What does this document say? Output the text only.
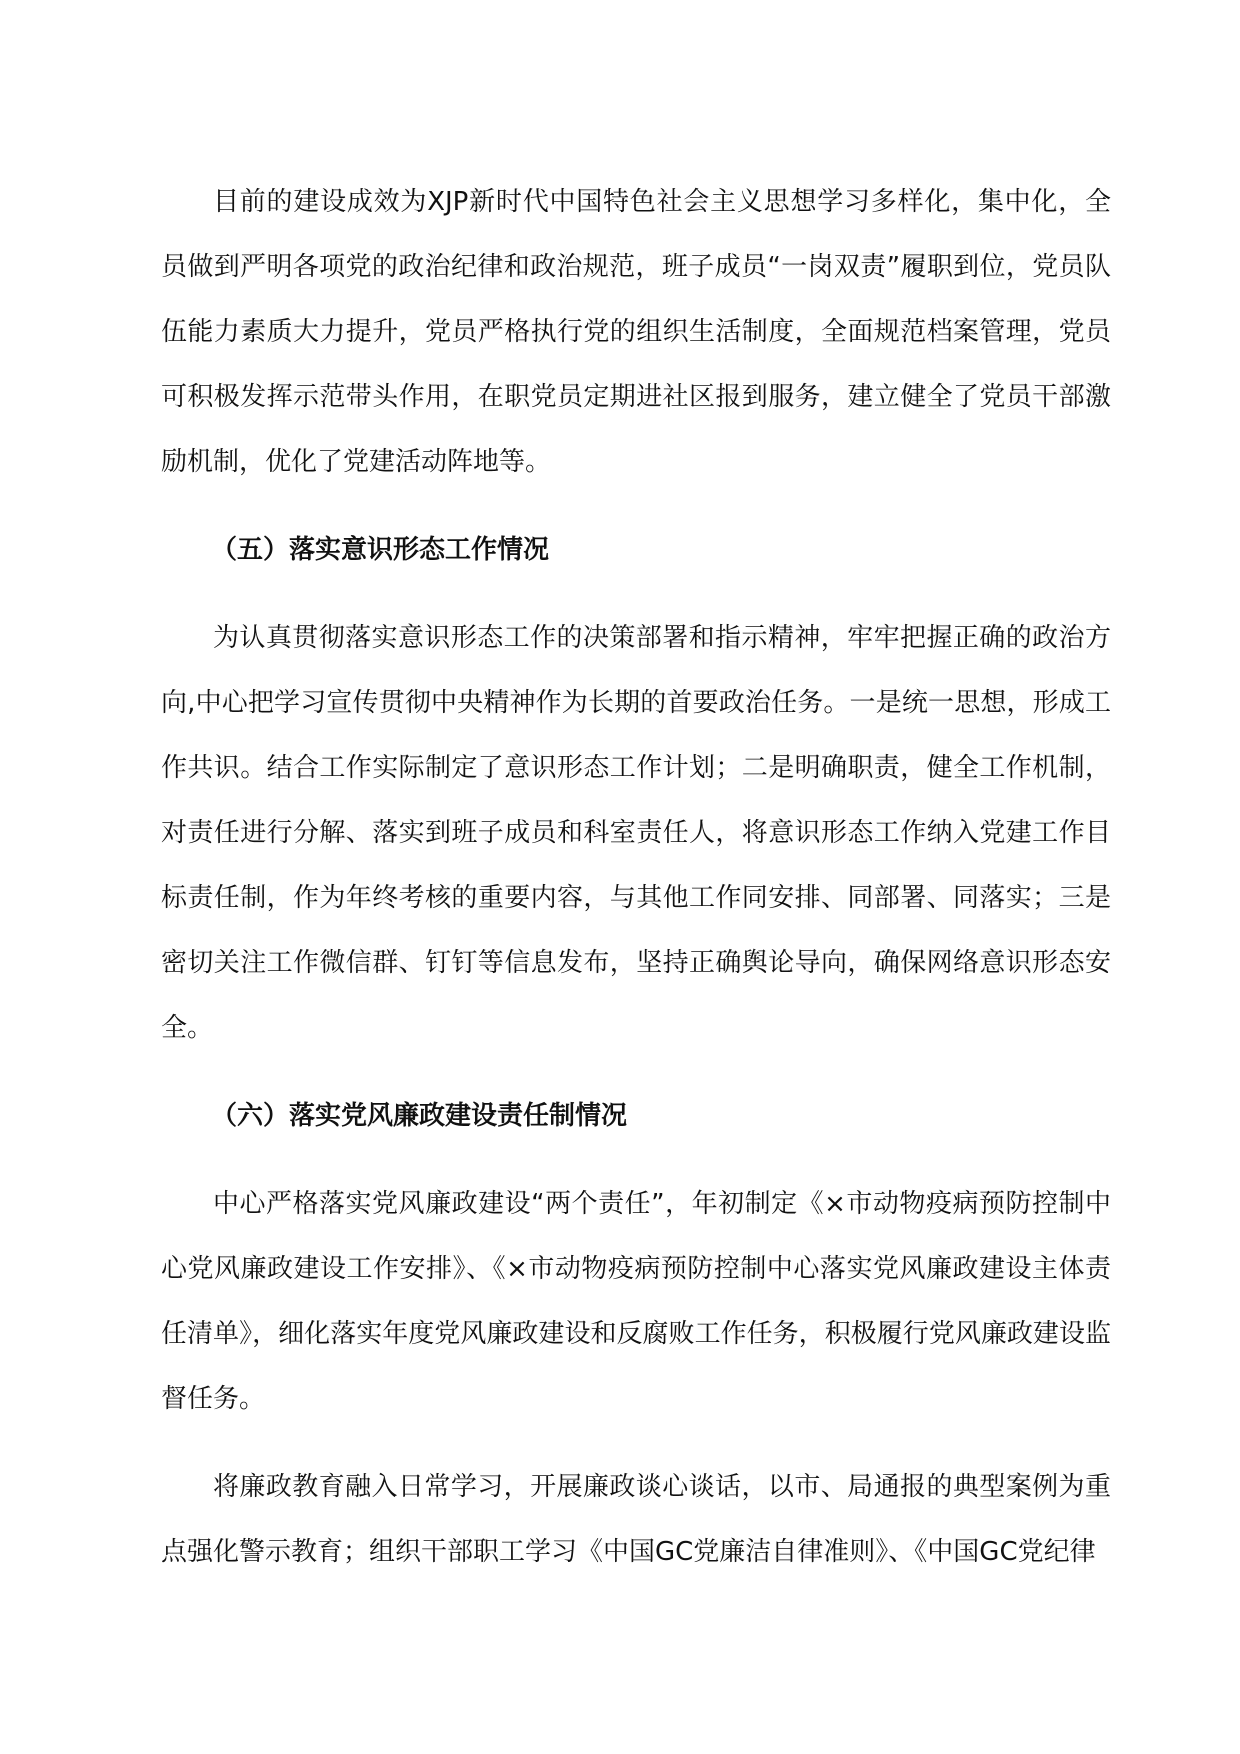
目前的建设成效为XJP新时代中国特色社会主义思想学习多样化，集中化，全员做到严明各项党的政治纪律和政治规范，班子成员“一岗双责”履职到位，党员队伍能力素质大力提升，党员严格执行党的组织生活制度，全面规范档案管理，党员可积极发挥示范带头作用，在职党员定期进社区报到服务，建立健全了党员干部激励机制，优化了党建活动阵地等。

（五）落实意识形态工作情况

为认真贯彻落实意识形态工作的决策部署和指示精神，牢牢把握正确的政治方向,中心把学习宣传贯彻中央精神作为长期的首要政治任务。一是统一思想，形成工作共识。结合工作实际制定了意识形态工作计划；二是明确职责，健全工作机制，对责任进行分解、落实到班子成员和科室责任人，将意识形态工作纳入党建工作目标责任制，作为年终考核的重要内容，与其他工作同安排、同部署、同落实；三是密切关注工作微信群、钉钉等信息发布，坚持正确舆论导向，确保网络意识形态安全。

（六）落实党风廉政建设责任制情况

中心严格落实党风廉政建设“两个责任”，年初制定《×市动物疫病预防控制中心党风廉政建设工作安排》、《×市动物疫病预防控制中心落实党风廉政建设主体责任清单》，细化落实年度党风廉政建设和反腐败工作任务，积极履行党风廉政建设监督任务。

将廉政教育融入日常学习，开展廉政谈心谈话，以市、局通报的典型案例为重点强化警示教育；组织干部职工学习《中国GC党廉洁自律准则》、《中国GC党纪律
